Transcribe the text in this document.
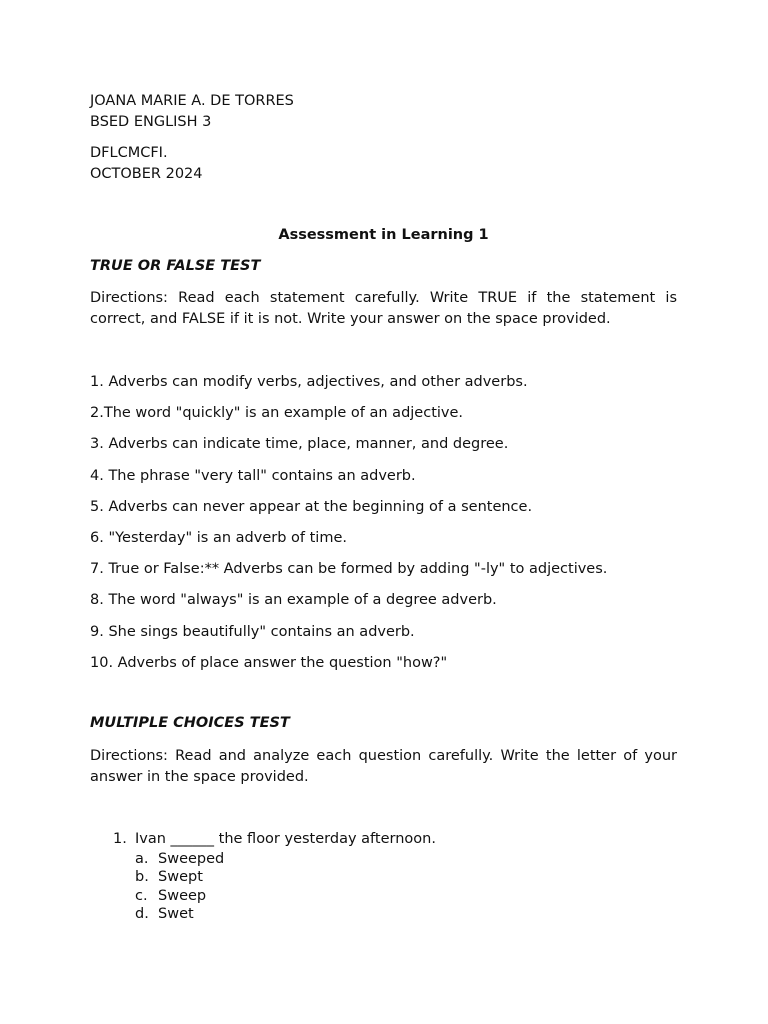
JOANA MARIE A. DE TORRES
BSED ENGLISH 3
DFLCMCFI.
OCTOBER 2024
Assessment in Learning 1
TRUE OR FALSE TEST
Directions: Read each statement carefully. Write TRUE if the statement is correct, and FALSE if it is not. Write your answer on the space provided.
1. Adverbs can modify verbs, adjectives, and other adverbs.
2.The word "quickly" is an example of an adjective.
3. Adverbs can indicate time, place, manner, and degree.
4. The phrase "very tall" contains an adverb.
5. Adverbs can never appear at the beginning of a sentence.
6. "Yesterday" is an adverb of time.
7. True or False:** Adverbs can be formed by adding "-ly" to adjectives.
8. The word "always" is an example of a degree adverb.
9. She sings beautifully" contains an adverb.
10. Adverbs of place answer the question "how?"
MULTIPLE CHOICES TEST
Directions: Read and analyze each question carefully. Write the letter of your answer in the space provided.
1. Ivan ______ the floor yesterday afternoon.
a. Sweeped
b. Swept
c. Sweep
d. Swet
